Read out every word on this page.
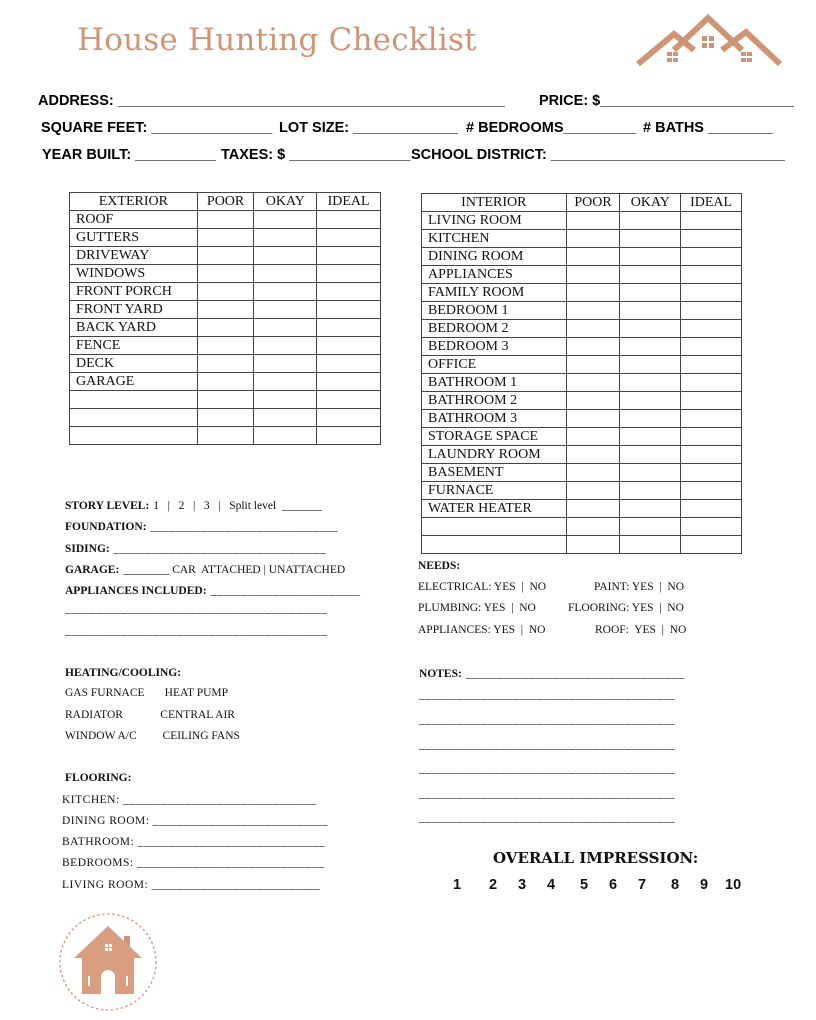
House Hunting Checklist
ADDRESS: ________________________________________________ PRICE: $________________________
SQUARE FEET: _______________ LOT SIZE: _____________ # BEDROOMS_________ # BATHS ________
YEAR BUILT: __________ TAXES: $ _______________ SCHOOL DISTRICT: _____________________________
EXTERIOR	POOR	OKAY	IDEAL
ROOF			
GUTTERS			
DRIVEWAY			
WINDOWS			
FRONT PORCH			
FRONT YARD			
BACK YARD			
FENCE			
DECK			
GARAGE			

INTERIOR	POOR	OKAY	IDEAL
LIVING ROOM			
KITCHEN			
DINING ROOM			
APPLIANCES			
FAMILY ROOM			
BEDROOM 1			
BEDROOM 2			
BEDROOM 3			
OFFICE			
BATHROOM 1			
BATHROOM 2			
BATHROOM 3			
STORAGE SPACE			
LAUNDRY ROOM			
BASEMENT			
FURNACE			
WATER HEATER			

STORY LEVEL: 1   |   2   |   3   |   Split level  _______
FOUNDATION: ______________________________
SIDING: __________________________________
GARAGE: ________ CAR  ATTACHED | UNATTACHED
APPLIANCES INCLUDED: ________________________
__________________________________________
__________________________________________
HEATING/COOLING:
GAS FURNACE       HEAT PUMP
RADIATOR             CENTRAL AIR
WINDOW A/C         CEILING FANS
FLOORING:
KITCHEN: _______________________________
DINING ROOM: ____________________________
BATHROOM: ______________________________
BEDROOMS: ______________________________
LIVING ROOM: ___________________________
NEEDS:
ELECTRICAL: YES  |  NO	PAINT: YES  |  NO
PLUMBING: YES  |  NO	FLOORING: YES  |  NO
APPLIANCES: YES  |  NO	ROOF:  YES  |  NO
NOTES: ___________________________________
_________________________________________
_________________________________________
_________________________________________
_________________________________________
_________________________________________
_________________________________________
OVERALL IMPRESSION:
1	2	3	4	5	6	7	8	9	10
